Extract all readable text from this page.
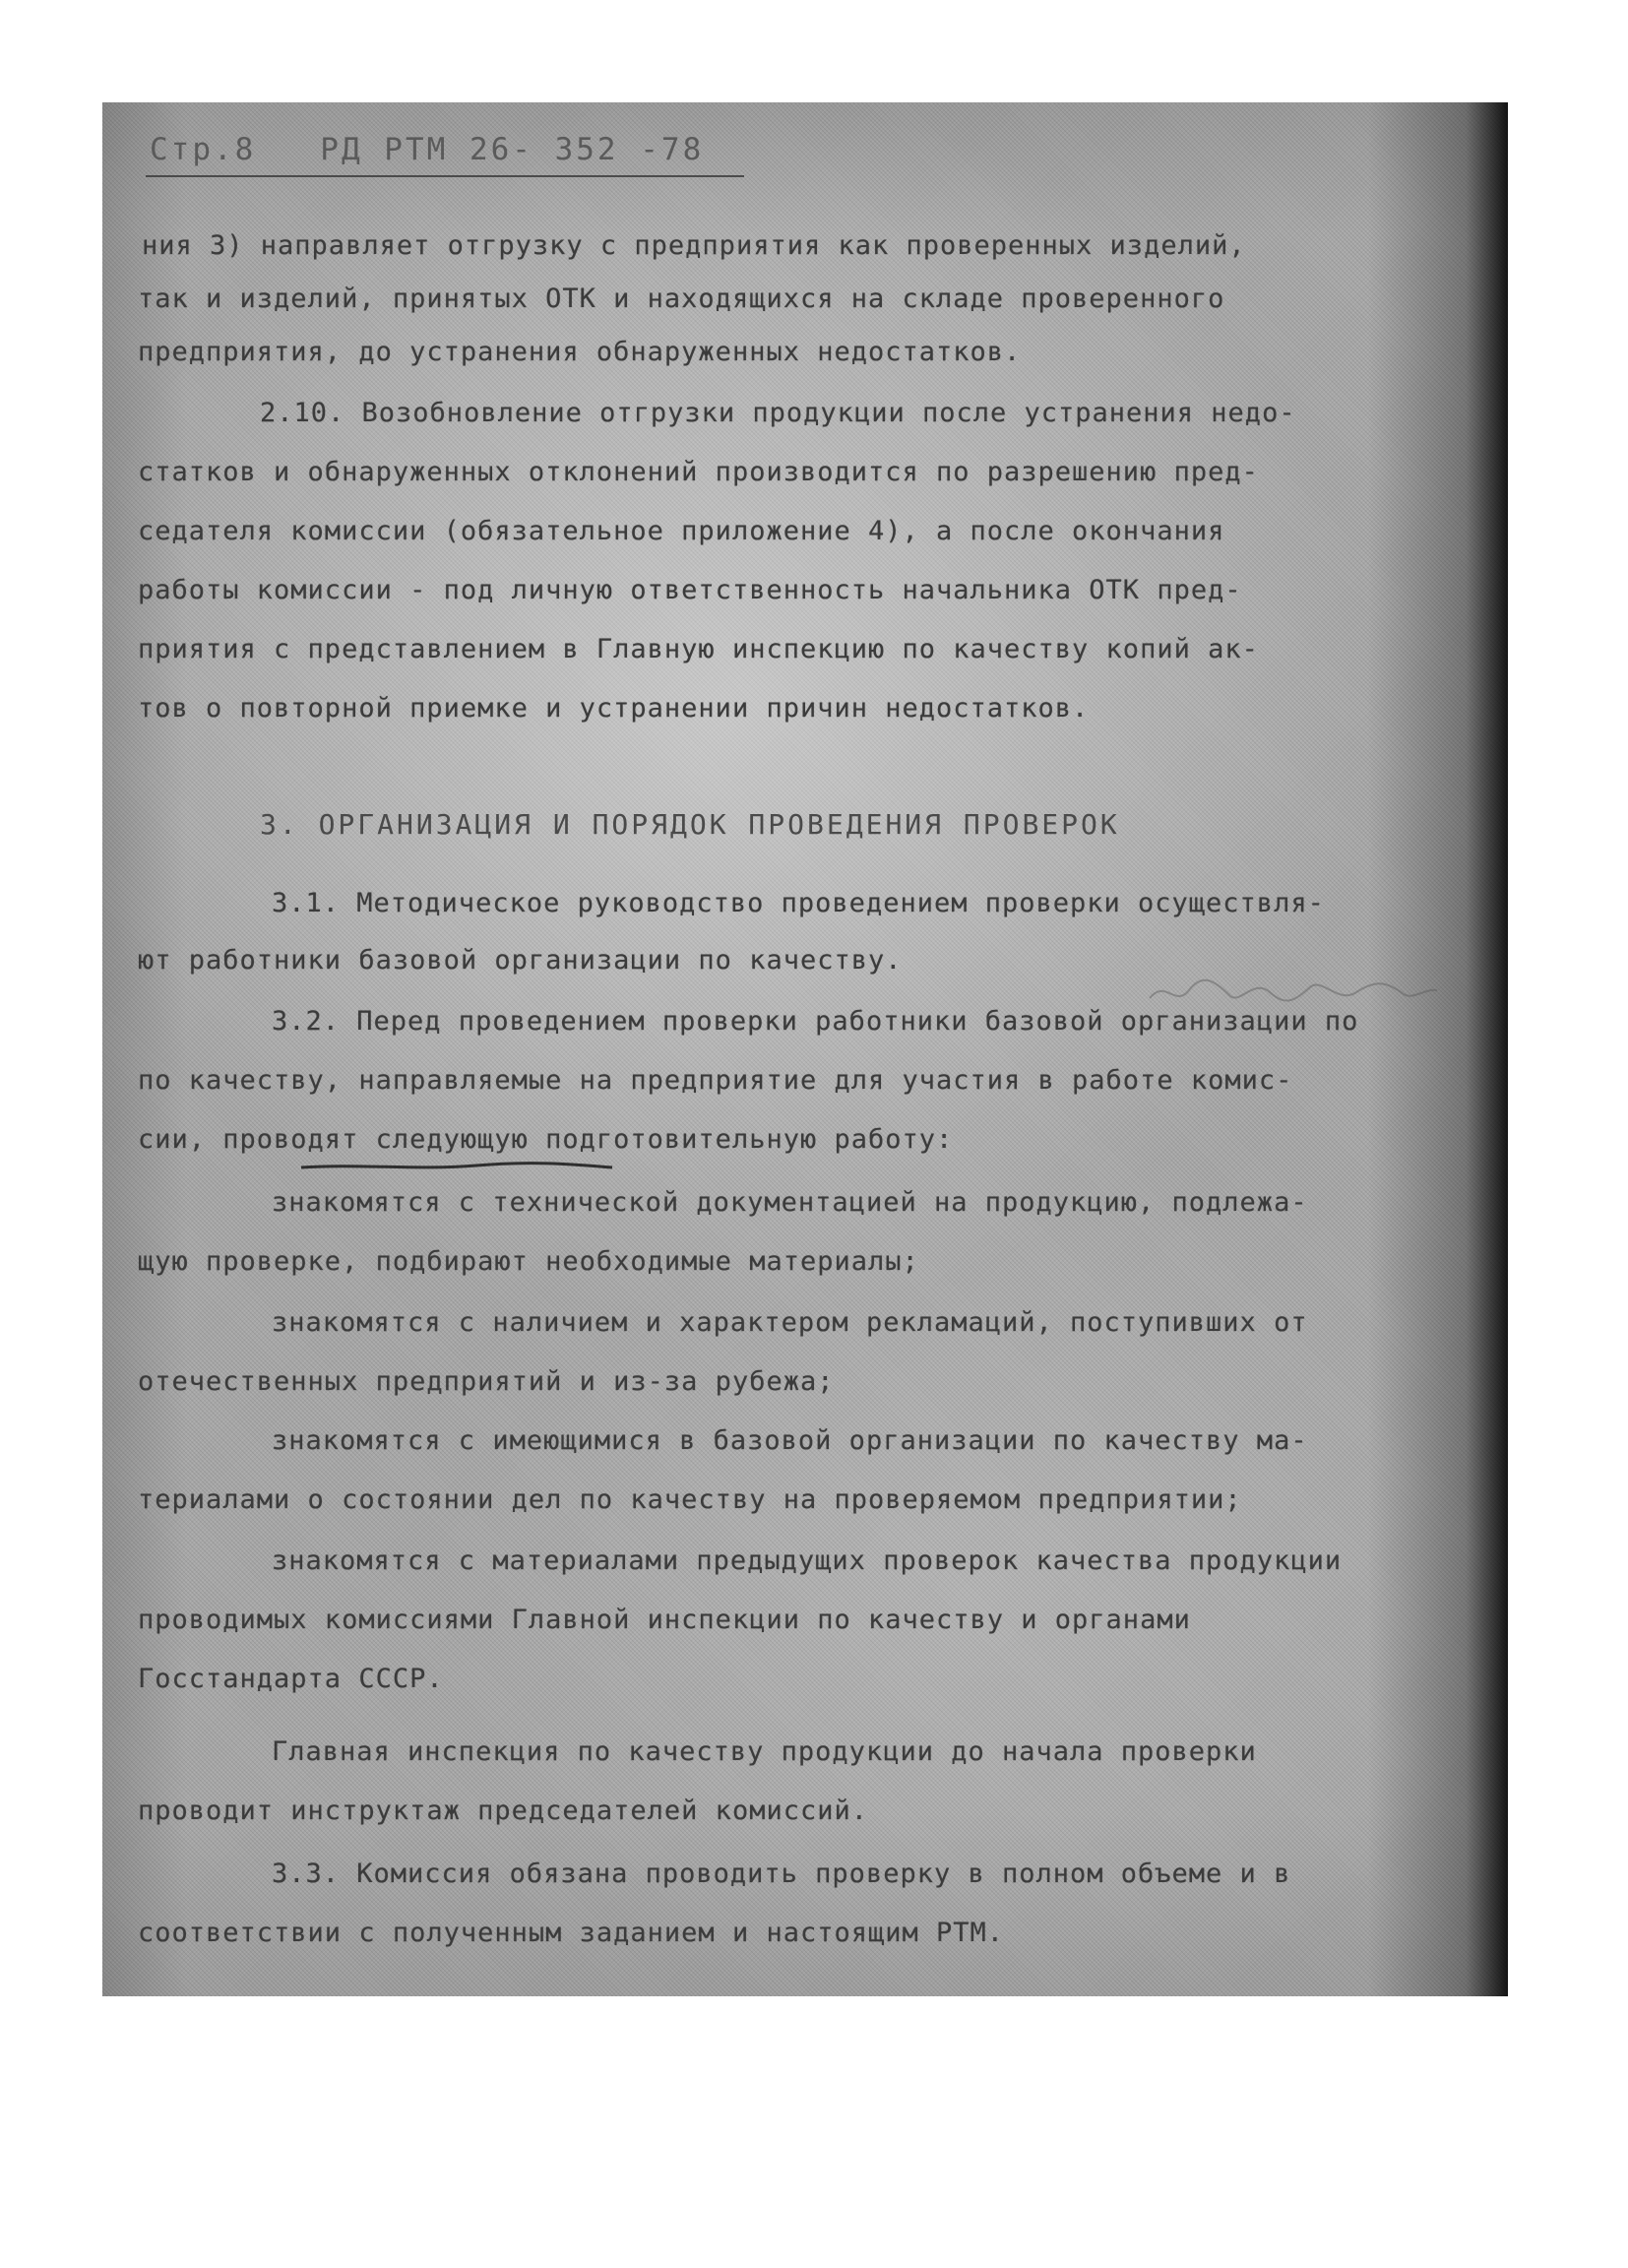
Стр.8   РД РТМ 26- 352 -78

ния 3) направляет отгрузку с предприятия как проверенных изделий,

так и изделий, принятых ОТК и находящихся на складе проверенного

предприятия, до устранения обнаруженных недостатков.

2.10. Возобновление отгрузки продукции после устранения недо-

статков и обнаруженных отклонений производится по разрешению пред-

седателя комиссии (обязательное приложение 4), а после окончания

работы комиссии - под личную ответственность начальника ОТК пред-

приятия с представлением в Главную инспекцию по качеству копий ак-

тов о повторной приемке и устранении причин недостатков.

3. ОРГАНИЗАЦИЯ И ПОРЯДОК ПРОВЕДЕНИЯ ПРОВЕРОК

3.1. Методическое руководство проведением проверки осуществля-

ют работники базовой организации по качеству.

3.2. Перед проведением проверки работники базовой организации по

по качеству, направляемые на предприятие для участия в работе комис-

сии, проводят следующую подготовительную работу:

знакомятся с технической документацией на продукцию, подлежа-

щую проверке, подбирают необходимые материалы;

знакомятся с наличием и характером рекламаций, поступивших от

отечественных предприятий и из-за рубежа;

знакомятся с имеющимися в базовой организации по качеству ма-

териалами о состоянии дел по качеству на проверяемом предприятии;

знакомятся с материалами предыдущих проверок качества продукции

проводимых комиссиями Главной инспекции по качеству и органами

Госстандарта СССР.

Главная инспекция по качеству продукции до начала проверки

проводит инструктаж председателей комиссий.

3.3. Комиссия обязана проводить проверку в полном объеме и в

соответствии с полученным заданием и настоящим РТМ.
